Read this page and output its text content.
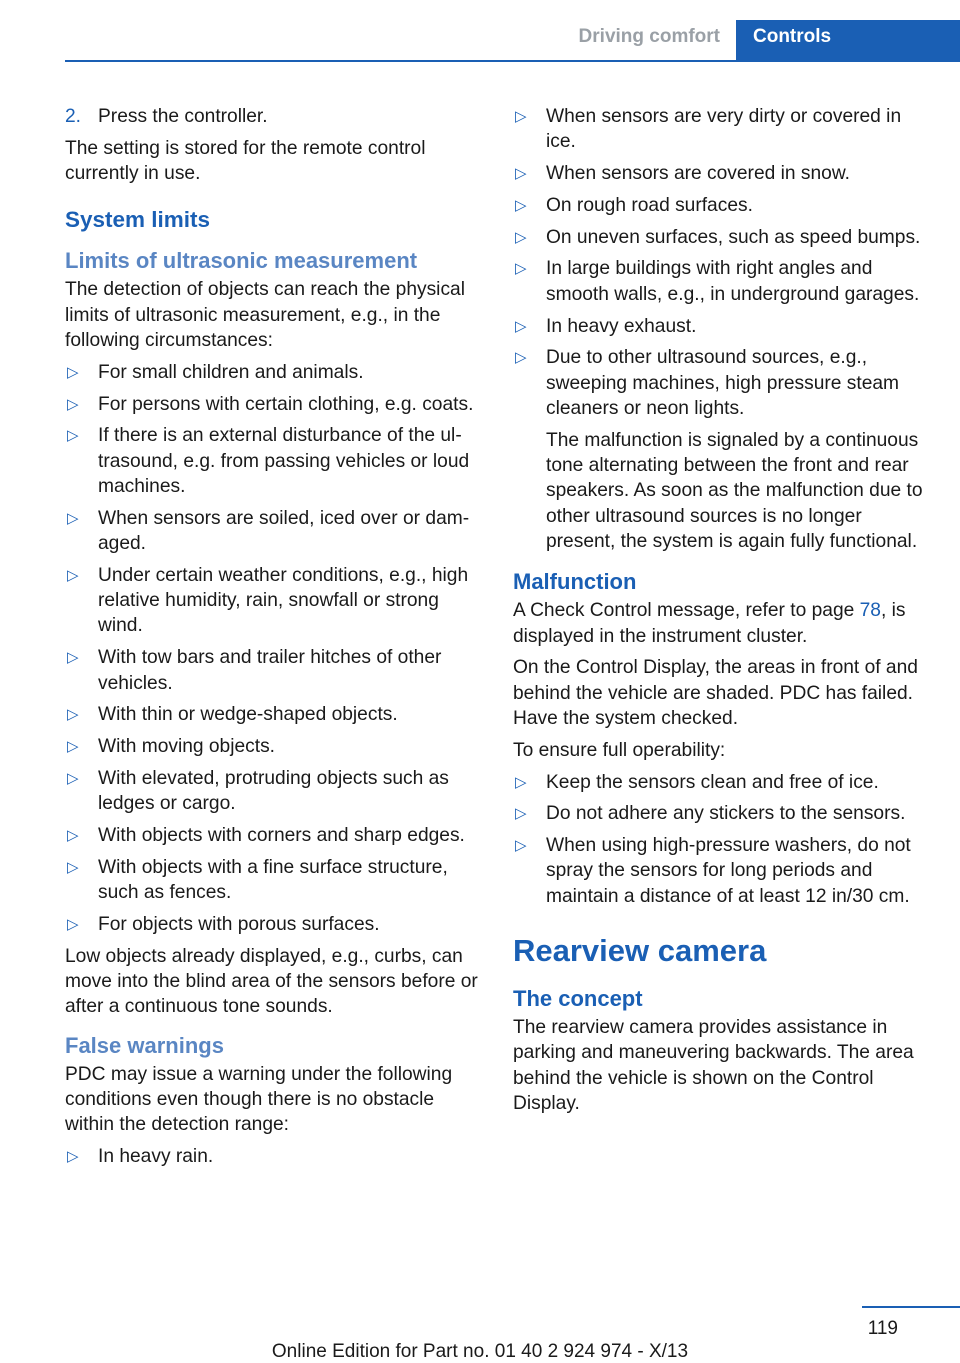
Driving comfort	Controls
2. Press the controller.

The setting is stored for the remote control currently in use.

System limits
Limits of ultrasonic measurement

The detection of objects can reach the physical limits of ultrasonic measurement, e.g., in the following circumstances:

▷ For small children and animals.
▷ For persons with certain clothing, e.g. coats.
▷ If there is an external disturbance of the ultrasound, e.g. from passing vehicles or loud machines.
▷ When sensors are soiled, iced over or damaged.
▷ Under certain weather conditions, e.g., high relative humidity, rain, snowfall or strong wind.
▷ With tow bars and trailer hitches of other vehicles.
▷ With thin or wedge-shaped objects.
▷ With moving objects.
▷ With elevated, protruding objects such as ledges or cargo.
▷ With objects with corners and sharp edges.
▷ With objects with a fine surface structure, such as fences.
▷ For objects with porous surfaces.

Low objects already displayed, e.g., curbs, can move into the blind area of the sensors before or after a continuous tone sounds.

False warnings

PDC may issue a warning under the following conditions even though there is no obstacle within the detection range:

▷ In heavy rain.
▷ When sensors are very dirty or covered in ice.
▷ When sensors are covered in snow.
▷ On rough road surfaces.
▷ On uneven surfaces, such as speed bumps.
▷ In large buildings with right angles and smooth walls, e.g., in underground garages.
▷ In heavy exhaust.
▷ Due to other ultrasound sources, e.g., sweeping machines, high pressure steam cleaners or neon lights.
The malfunction is signaled by a continuous tone alternating between the front and rear speakers. As soon as the malfunction due to other ultrasound sources is no longer present, the system is again fully functional.
Malfunction

A Check Control message, refer to page 78, is displayed in the instrument cluster.

On the Control Display, the areas in front of and behind the vehicle are shaded. PDC has failed. Have the system checked.

To ensure full operability:

▷ Keep the sensors clean and free of ice.
▷ Do not adhere any stickers to the sensors.
▷ When using high-pressure washers, do not spray the sensors for long periods and maintain a distance of at least 12 in/30 cm.
Rearview camera
The concept

The rearview camera provides assistance in parking and maneuvering backwards. The area behind the vehicle is shown on the Control Display.

119
Online Edition for Part no. 01 40 2 924 974 - X/13
